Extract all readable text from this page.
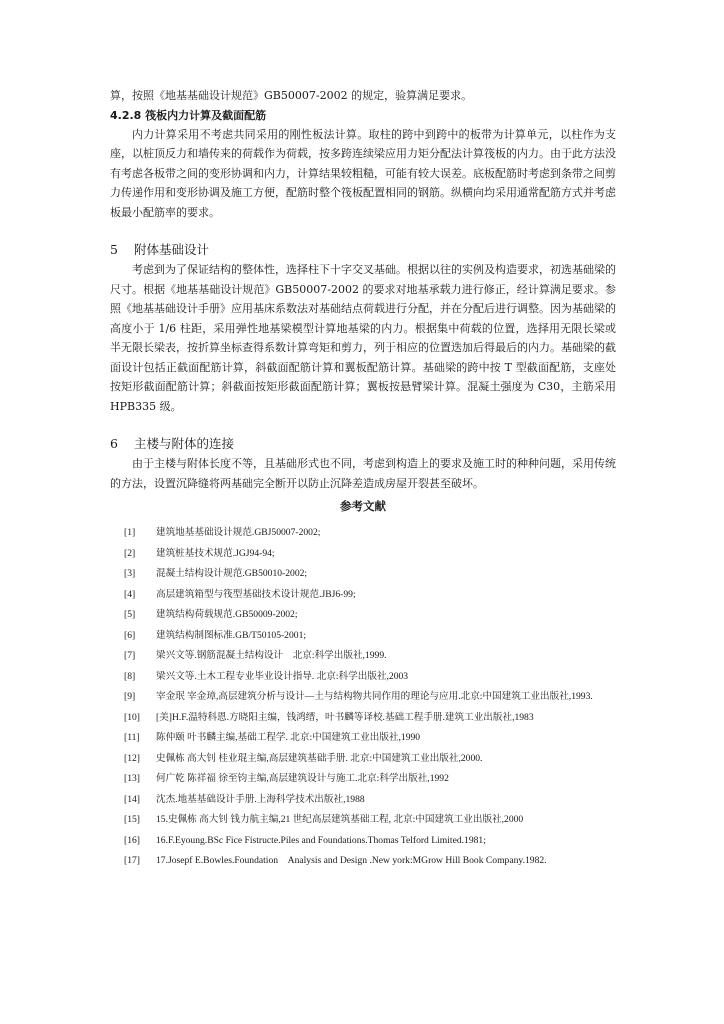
算，按照《地基基础设计规范》GB50007-2002 的规定，验算满足要求。

4.2.8 筏板内力计算及截面配筋

内力计算采用不考虑共同采用的刚性板法计算。取柱的跨中到跨中的板带为计算单元，以柱作为支座，以桩顶反力和墙传来的荷载作为荷载，按多跨连续梁应用力矩分配法计算筏板的内力。由于此方法没有考虑各板带之间的变形协调和内力，计算结果较粗糙，可能有较大误差。底板配筋时考虑到条带之间剪力传递作用和变形协调及施工方便，配筋时整个筏板配置相同的钢筋。纵横向均采用通常配筋方式并考虑板最小配筋率的要求。

5	附体基础设计

考虑到为了保证结构的整体性，选择柱下十字交叉基础。根据以往的实例及构造要求，初选基础梁的尺寸。根据《地基基础设计规范》GB50007-2002 的要求对地基承载力进行修正，经计算满足要求。参照《地基基础设计手册》应用基床系数法对基础结点荷载进行分配，并在分配后进行调整。因为基础梁的高度小于 1/6 柱距，采用弹性地基梁模型计算地基梁的内力。根据集中荷载的位置，选择用无限长梁或半无限长梁表，按折算坐标查得系数计算弯矩和剪力，列于相应的位置迭加后得最后的内力。基础梁的截面设计包括正截面配筋计算，斜截面配筋计算和翼板配筋计算。基础梁的跨中按 T 型截面配筋，支座处按矩形截面配筋计算；斜截面按矩形截面配筋计算；翼板按悬臂梁计算。混凝土强度为 C30，主筋采用 HPB335 级。

6	主楼与附体的连接

由于主楼与附体长度不等，且基础形式也不同，考虑到构造上的要求及施工时的种种问题，采用传统的方法，设置沉降缝将两基础完全断开以防止沉降差造成房屋开裂甚至破坏。

参考文献
[1]	建筑地基基础设计规范.GBJ50007-2002;
[2]	建筑桩基技术规范.JGJ94-94;
[3]	混凝土结构设计规范.GB50010-2002;
[4]	高层建筑箱型与筏型基础技术设计规范.JBJ6-99;
[5]	建筑结构荷载规范.GB50009-2002;
[6]	建筑结构制图标准.GB/T50105-2001;
[7]	梁兴文等.钢筋混凝土结构设计　北京:科学出版社,1999.
[8]	梁兴文等.土木工程专业毕业设计指导. 北京:科学出版社,2003
[9]	宰金珉 宰金璋,高层建筑分析与设计—土与结构物共同作用的理论与应用.北京:中国建筑工业出版社,1993.
[10]	[美]H.F.温特科恩.方晓阳主编，钱鸿缙，叶书麟等译校.基础工程手册.建筑工业出版社,1983
[11]	陈仲颐 叶书麟主编,基础工程学. 北京:中国建筑工业出版社,1990
[12]	史佩栋 高大钊 桂业琨主编,高层建筑基础手册. 北京:中国建筑工业出版社,2000.
[13]	何广乾 陈祥福 徐至钧主编,高层建筑设计与施工.北京:科学出版社,1992
[14]	沈杰.地基基础设计手册.上海科学技术出版社,1988
[15]	15.史佩栋 高大钊 钱力航主编,21 世纪高层建筑基础工程, 北京:中国建筑工业出版社,2000
[16]	16.F.Eyoung.BSc Fice Fistructe.Piles and Foundations.Thomas Telford Limited.1981;
[17]	17.Josepf E.Bowles.Foundation　Analysis and Design .New york:MGrow Hill Book Company.1982.
